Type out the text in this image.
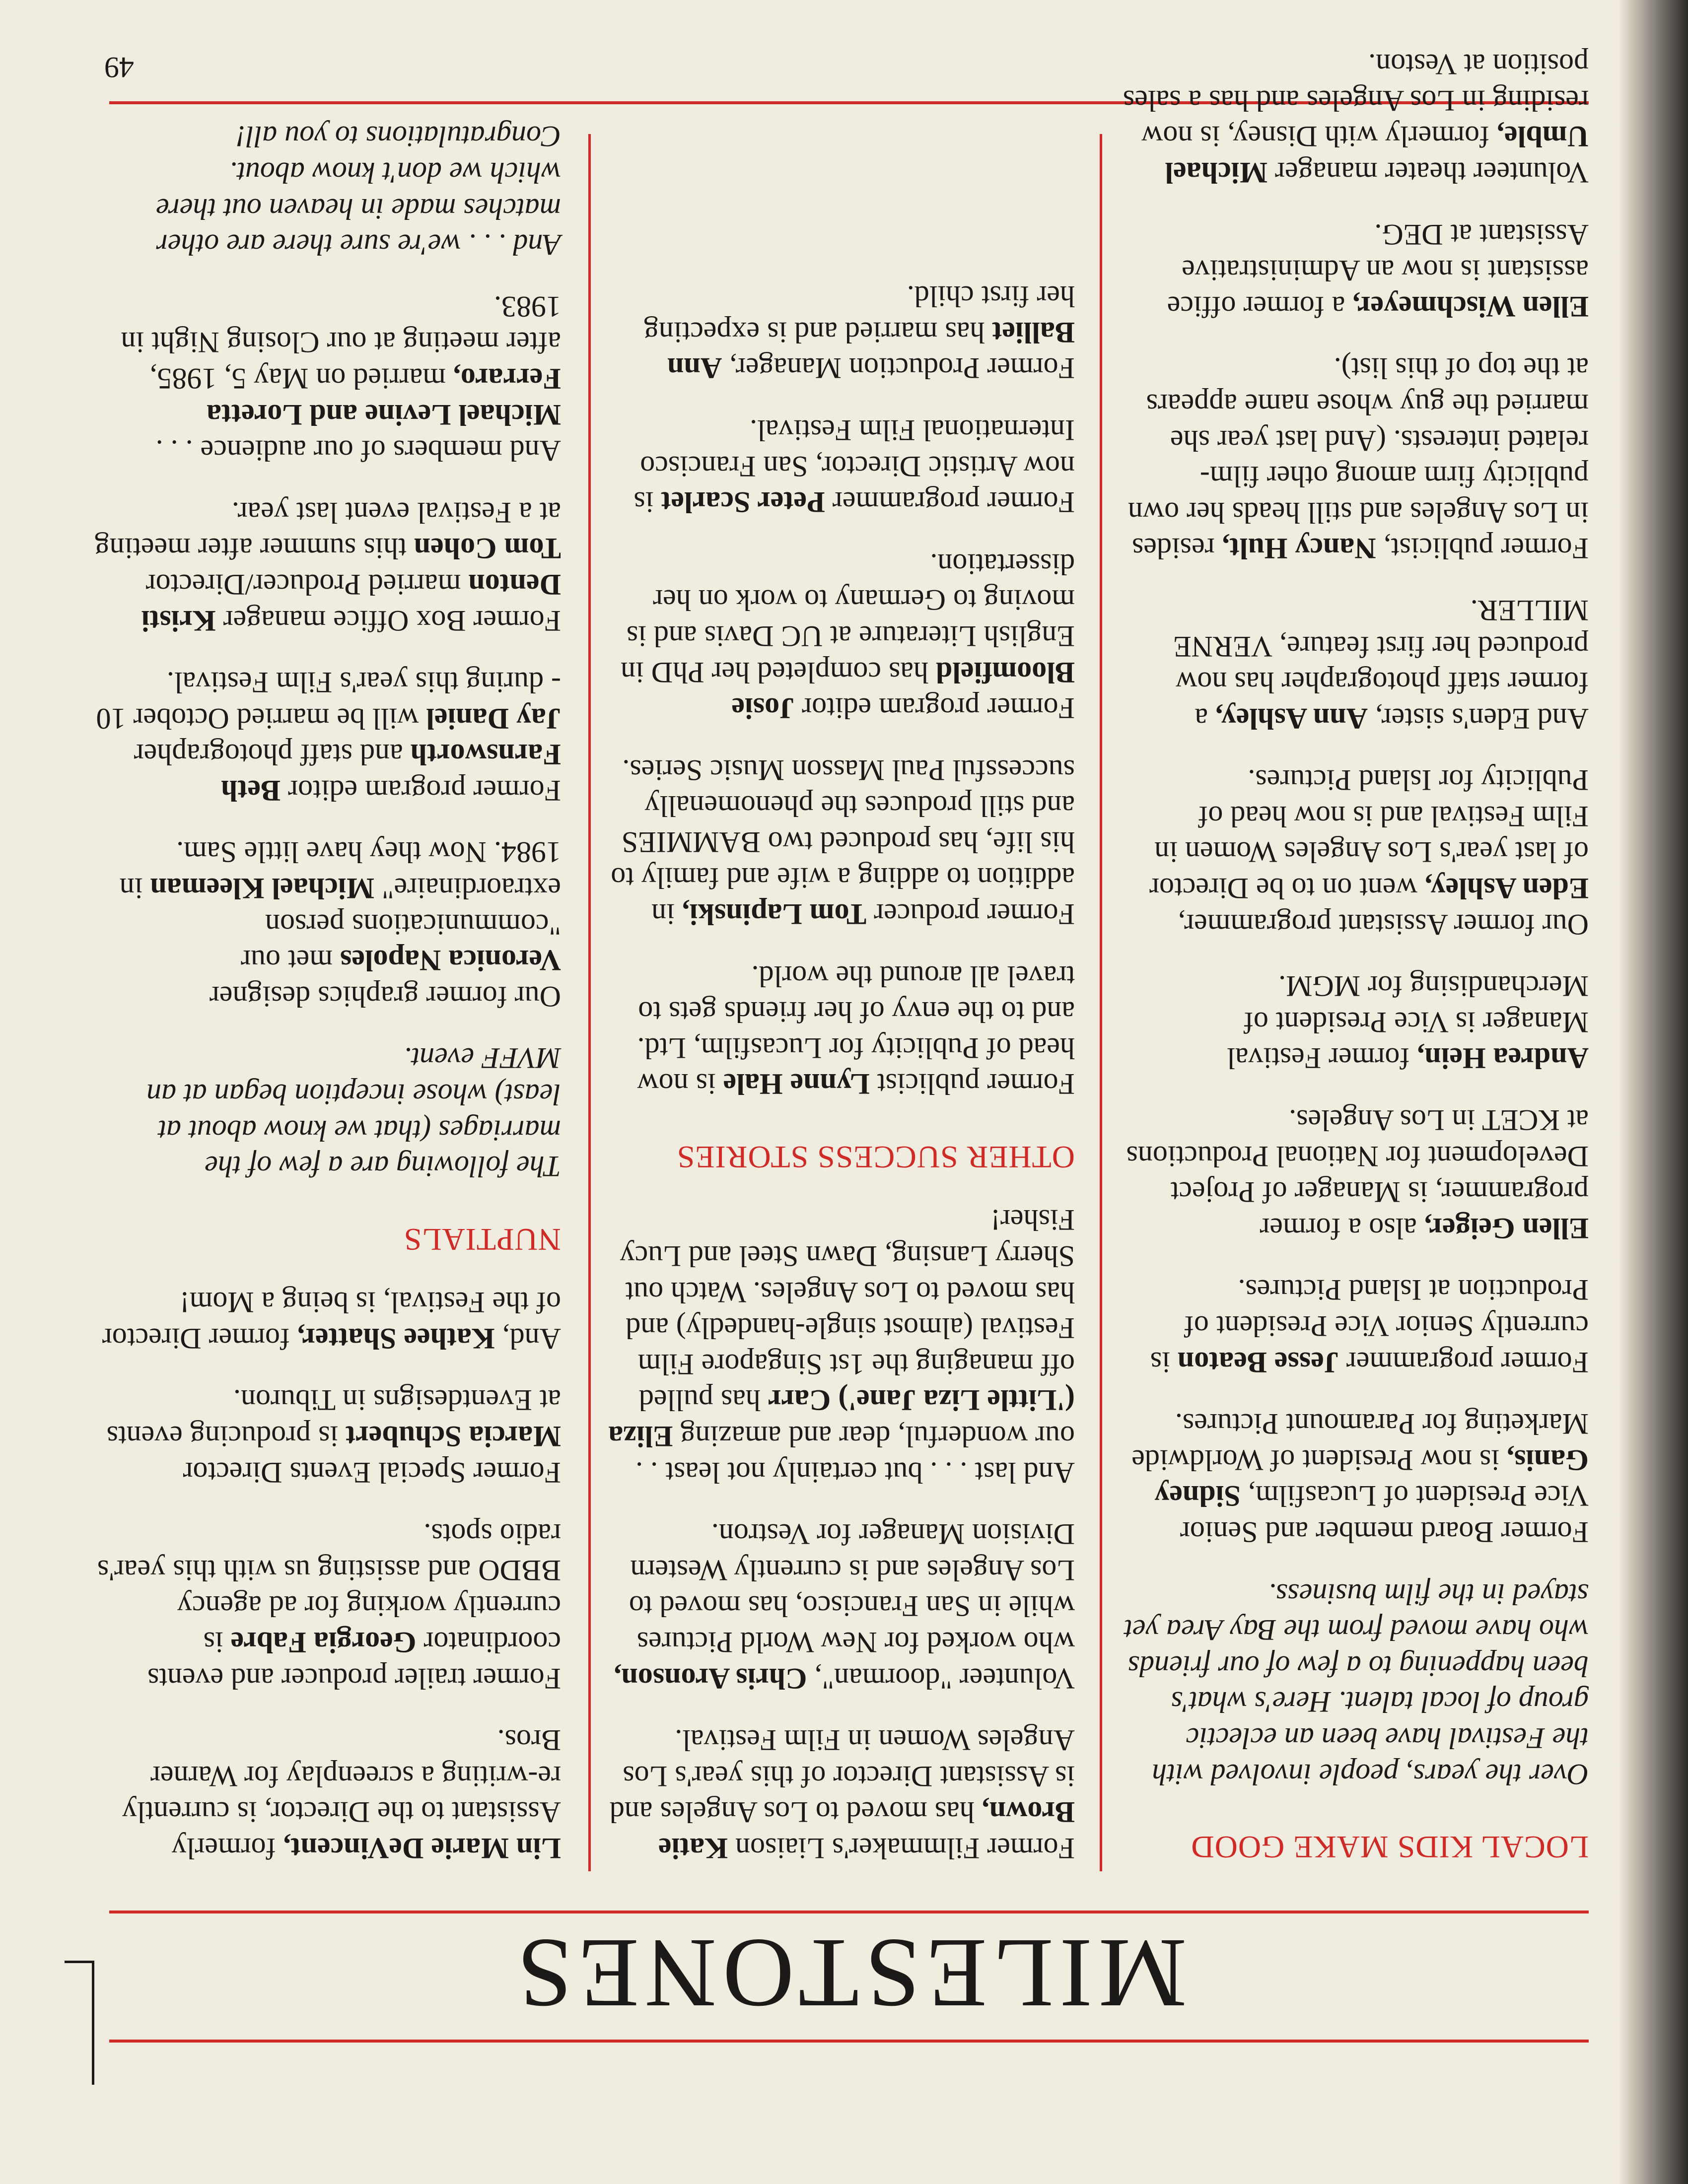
MILESTONES
49
LOCAL KIDS MAKE GOOD

Over the years, people involved with the Festival have been an eclectic group of local talent. Here's what's been happening to a few of our friends who have moved from the Bay Area yet stayed in the film business.

Former Board member and Senior Vice President of Lucasfilm, Sidney Ganis, is now President of Worldwide Marketing for Paramount Pictures.

Former programmer Jesse Beaton is currently Senior Vice President of Production at Island Pictures.

Ellen Geiger, also a former programmer, is Manager of Project Development for National Productions at KCET in Los Angeles.

Andrea Hein, former Festival Manager is Vice President of Merchandising for MGM.

Our former Assistant programmer, Eden Ashley, went on to be Director of last year's Los Angeles Women in Film Festival and is now head of Publicity for Island Pictures.

And Eden's sister, Ann Ashley, a former staff photographer has now produced her first feature, VERNE MILLER.

Former publicist, Nancy Hult, resides in Los Angeles and still heads her own publicity firm among other film-related interests. (And last year she married the guy whose name appears at the top of this list).

Ellen Wischmeyer, a former office assistant is now an Administrative Assistant at DEG.

Volunteer theater manager Michael Umble, formerly with Disney, is now residing in Los Angeles and has a sales position at Veston.

Former Filmmaker's Liaison Katie Brown, has moved to Los Angeles and is Assistant Director of this year's Los Angeles Women in Film Festival.

Volunteer "doorman", Chris Aronson, who worked for New World Pictures while in San Francisco, has moved to Los Angeles and is currently Western Division Manager for Vestron.

And last . . . but certainly not least . . our wonderful, dear and amazing Eliza ('Little Liza Jane') Carr has pulled off managing the 1st Singapore Film Festival (almost single-handedly) and has moved to Los Angeles. Watch out Sherry Lansing, Dawn Steel and Lucy Fisher!

OTHER SUCCESS STORIES

Former publicist Lynne Hale is now head of Publicity for Lucasfilm, Ltd. and to the envy of her friends gets to travel all around the world.

Former producer Tom Lapinski, in addition to adding a wife and family to his life, has produced two BAMMIES and still produces the phenomenally successful Paul Masson Music Series.

Former program editor Josie Bloomfield has completed her PhD in English Literature at UC Davis and is moving to Germany to work on her dissertation.

Former programmer Peter Scarlet is now Artistic Director, San Francisco International Film Festival.

Former Production Manager, Ann Balliet has married and is expecting her first child.

Lin Marie DeVincent, formerly Assistant to the Director, is currently re-writing a screenplay for Warner Bros.

Former trailer producer and events coordinator Georgia Fabre is currently working for ad agency BBDO and assisting us with this year's radio spots.

Former Special Events Director Marcia Schubert is producing events at Eventdesigns in Tiburon.

And, Kathee Shatter, former Director of the Festival, is being a Mom!

NUPTIALS

The following are a few of the marriages (that we know about at least) whose inception began at an MVFF event.

Our former graphics designer Veronica Napoles met our "communications person extraordinaire" Michael Kleeman in 1984. Now they have little Sam.

Former program editor Beth Farnsworth and staff photographer Jay Daniel will be married October 10 - during this year's Film Festival.

Former Box Office manager Kristi Denton married Producer/Director Tom Cohen this summer after meeting at a Festival event last year.

And members of our audience . . . Michael Levine and Loretta Ferraro, married on May 5, 1985, after meeting at our Closing Night in 1983.

And . . . we're sure there are other matches made in heaven out there which we don't know about. Congratulations to you all!
